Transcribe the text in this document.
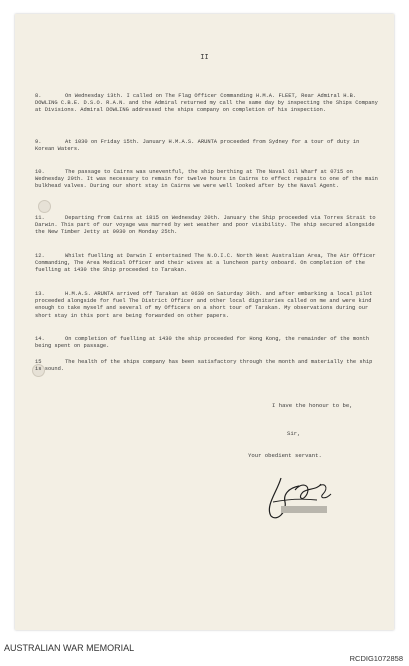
II
8.	On Wednesday 13th. I called on The Flag Officer Commanding H.M.A. FLEET, Rear Admiral H.B. DOWLING C.B.E. D.S.O. R.A.N. and the Admiral returned my call the same day by inspecting the Ships Company at Divisions. Admiral DOWLING addressed the ships company on completion of his inspection.
9.	At 1030 on Friday 15th. January H.M.A.S. ARUNTA proceeded from Sydney for a tour of duty in Korean Waters.
10.	The passage to Cairns was uneventful, the ship berthing at The Naval Oil Wharf at 0715 on Wednesday 20th. It was necessary to remain for twelve hours in Cairns to effect repairs to one of the main bulkhead valves. During our short stay in Cairns we were well looked after by the Naval Agent.
11.	Departing from Cairns at 1815 on Wednesday 20th. January the Ship proceeded via Torres Strait to Darwin. This part of our voyage was marred by wet weather and poor visibility. The ship secured alongside the New Timber Jetty at 0930 on Monday 25th.
12.	Whilst fuelling at Darwin I entertained The N.O.I.C. North West Australian Area, The Air Officer Commanding, The Area Medical Officer and their wives at a luncheon party onboard. On completion of the fuelling at 1430 the Ship proceeded to Tarakan.
13.	H.M.A.S. ARUNTA arrived off Tarakan at 0630 on Saturday 30th. and after embarking a local pilot proceeded alongside for fuel The District Officer and other local dignitaries called on me and were kind enough to take myself and several of my Officers on a short tour of Tarakan. My observations during our short stay in this port are being forwarded on other papers.
14.	On completion of fuelling at 1430 the ship proceeded for Hong Kong, the remainder of the month being spent on passage.
15	The health of the ships company has been satisfactory through the month and materially the ship is sound.
I have the honour to be,
Sir,
Your obedient servant.
AUSTRALIAN WAR MEMORIAL
RCDIG1072858
